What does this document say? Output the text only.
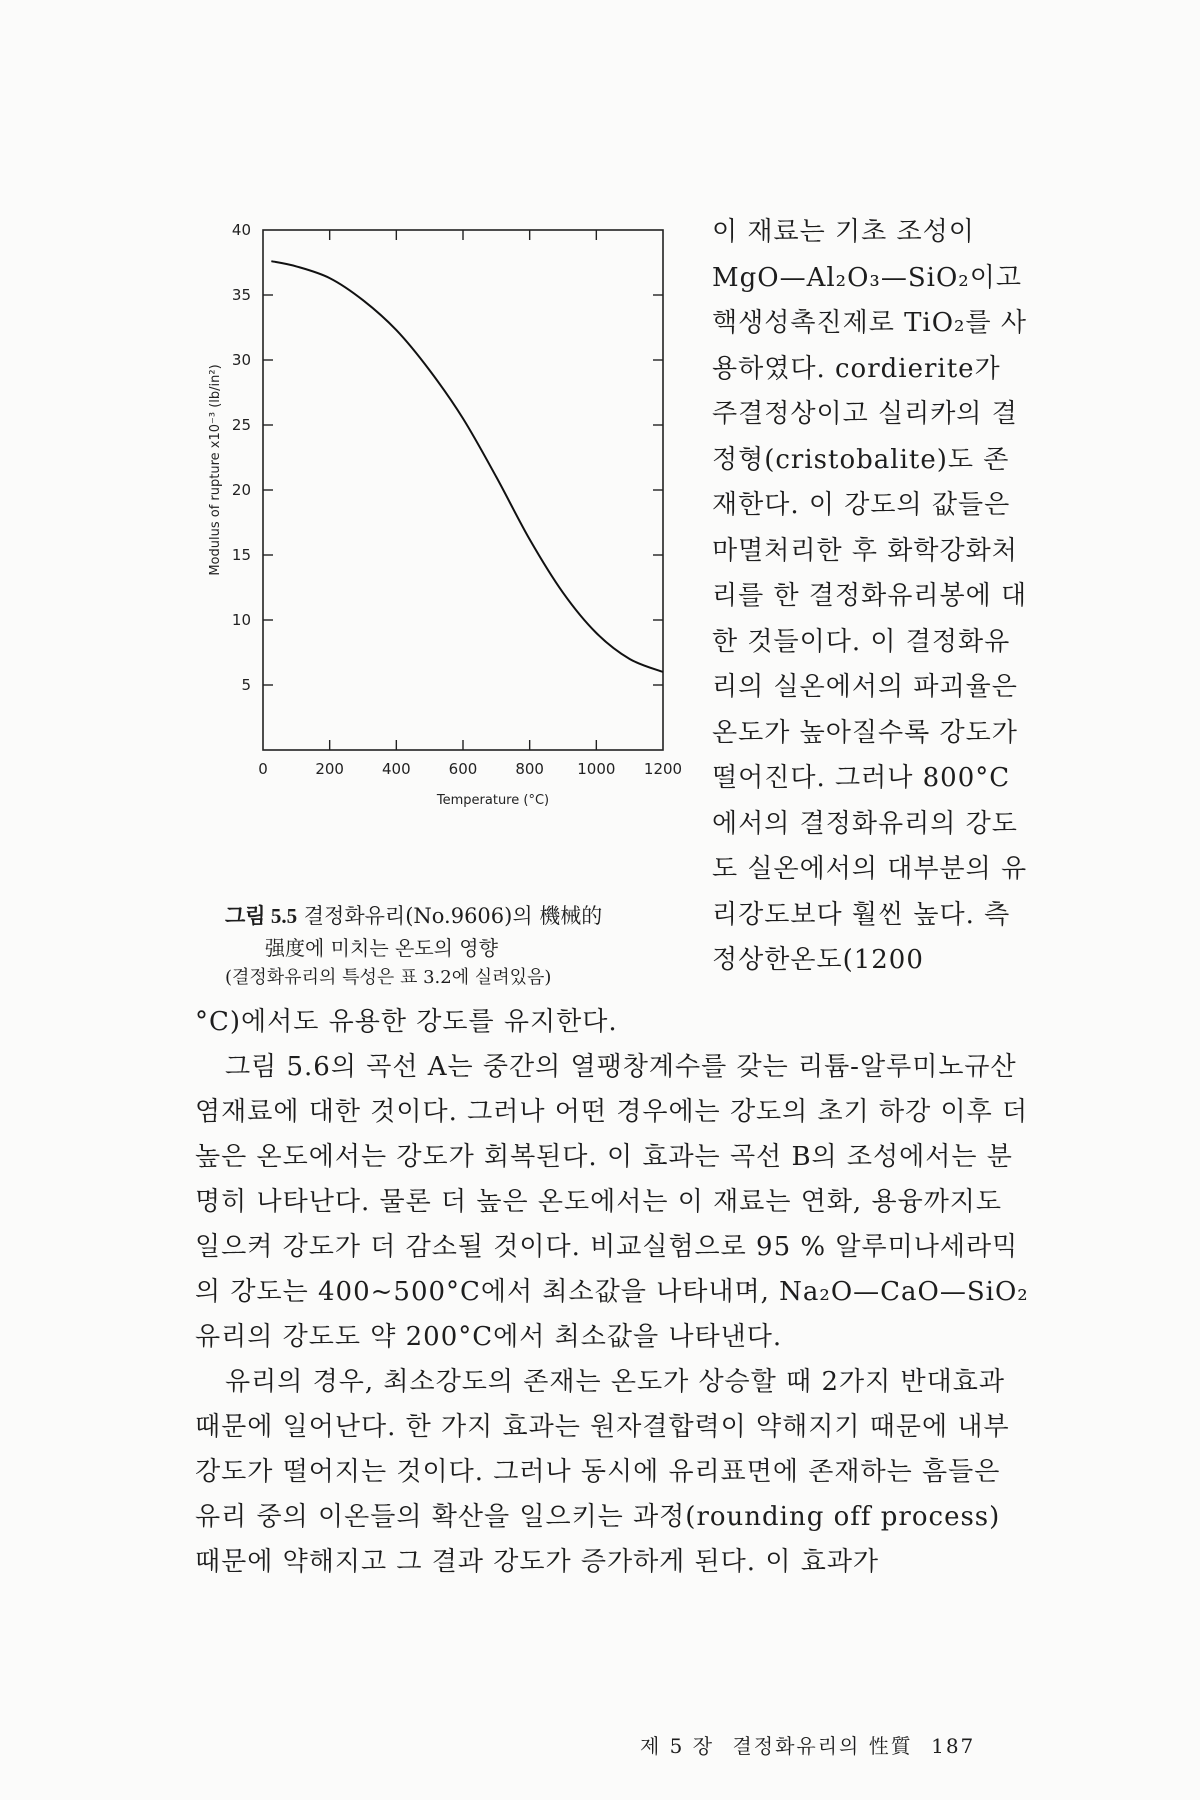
0	200	400	600	800 1000 1200
5
10
15
20
25
30
35
40
Temperature (°C)
Modulus of rupture x10⁻³ (lb/in²)
그림 5.5 결정화유리(No.9606)의 機械的
强度에 미치는 온도의 영향
(결정화유리의 특성은 표 3.2에 실려있음)

이 재료는 기초 조성이 MgO—Al₂O₃—SiO₂이고 핵생성촉진제로 TiO₂를 사용하였다. cordierite가 주결정상이고 실리카의 결정형(cristobalite)도 존재한다. 이 강도의 값들은 마멸처리한 후 화학강화처리를 한 결정화유리봉에 대한 것들이다. 이 결정화유리의 실온에서의 파괴율은 온도가 높아질수록 강도가 떨어진다. 그러나 800°C에서의 결정화유리의 강도도 실온에서의 대부분의 유리강도보다 훨씬 높다. 측정상한온도(1200

°C)에서도 유용한 강도를 유지한다.

그림 5.6의 곡선 A는 중간의 열팽창계수를 갖는 리튬-알루미노규산염재료에 대한 것이다. 그러나 어떤 경우에는 강도의 초기 하강 이후 더 높은 온도에서는 강도가 회복된다. 이 효과는 곡선 B의 조성에서는 분명히 나타난다. 물론 더 높은 온도에서는 이 재료는 연화, 용융까지도 일으켜 강도가 더 감소될 것이다. 비교실험으로 95 % 알루미나세라믹의 강도는 400~500°C에서 최소값을 나타내며, Na₂O—CaO—SiO₂ 유리의 강도도 약 200°C에서 최소값을 나타낸다.

유리의 경우, 최소강도의 존재는 온도가 상승할 때 2가지 반대효과 때문에 일어난다. 한 가지 효과는 원자결합력이 약해지기 때문에 내부강도가 떨어지는 것이다. 그러나 동시에 유리표면에 존재하는 흠들은 유리 중의 이온들의 확산을 일으키는 과정(rounding off process) 때문에 약해지고 그 결과 강도가 증가하게 된다. 이 효과가

제 5 장 결정화유리의 性質 187
